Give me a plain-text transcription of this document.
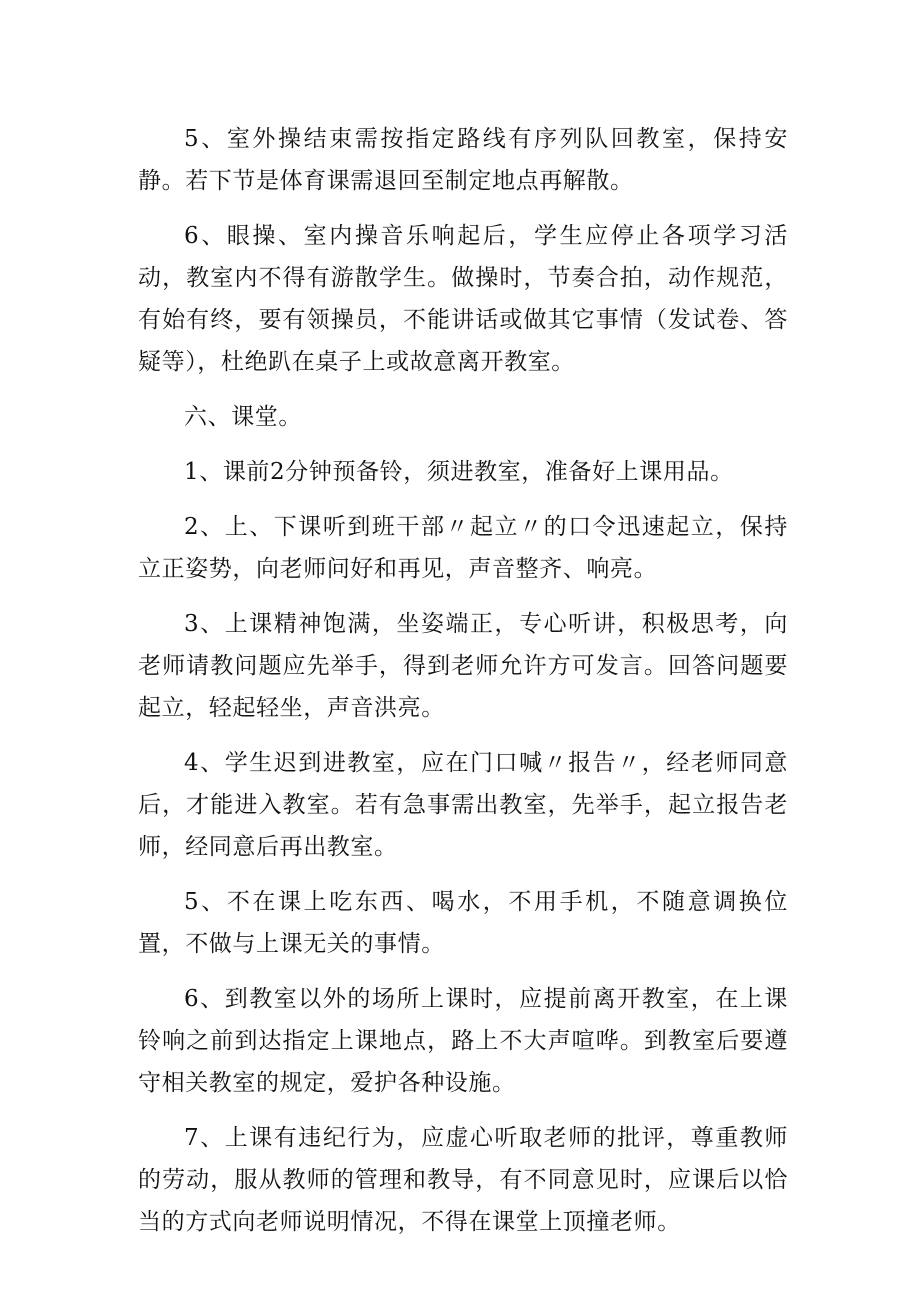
5、室外操结束需按指定路线有序列队回教室，保持安静。若下节是体育课需退回至制定地点再解散。

6、眼操、室内操音乐响起后，学生应停止各项学习活动，教室内不得有游散学生。做操时，节奏合拍，动作规范，有始有终，要有领操员，不能讲话或做其它事情（发试卷、答疑等），杜绝趴在桌子上或故意离开教室。

六、课堂。

1、课前2分钟预备铃，须进教室，准备好上课用品。

2、上、下课听到班干部〃起立〃的口令迅速起立，保持立正姿势，向老师问好和再见，声音整齐、响亮。

3、上课精神饱满，坐姿端正，专心听讲，积极思考，向老师请教问题应先举手，得到老师允许方可发言。回答问题要起立，轻起轻坐，声音洪亮。

4、学生迟到进教室，应在门口喊〃报告〃，经老师同意后，才能进入教室。若有急事需出教室，先举手，起立报告老师，经同意后再出教室。

5、不在课上吃东西、喝水，不用手机，不随意调换位置，不做与上课无关的事情。

6、到教室以外的场所上课时，应提前离开教室，在上课铃响之前到达指定上课地点，路上不大声喧哗。到教室后要遵守相关教室的规定，爱护各种设施。

7、上课有违纪行为，应虚心听取老师的批评，尊重教师的劳动，服从教师的管理和教导，有不同意见时，应课后以恰当的方式向老师说明情况，不得在课堂上顶撞老师。
